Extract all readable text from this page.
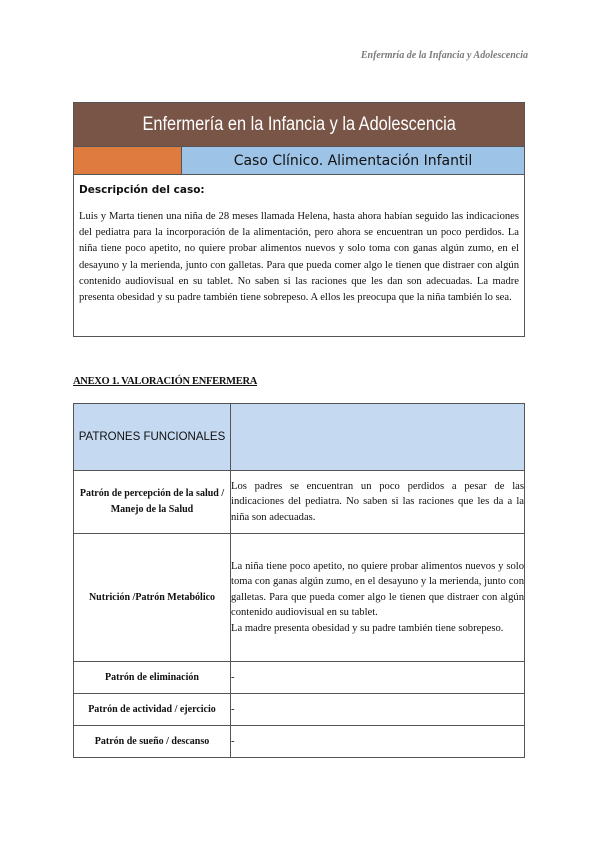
Enfermría de la Infancia y Adolescencia
Enfermería en la Infancia y la Adolescencia
Caso Clínico. Alimentación Infantil
Descripción del caso:
Luis y Marta tienen una niña de 28 meses llamada Helena, hasta ahora habían seguido las indicaciones del pediatra para la incorporación de la alimentación, pero ahora se encuentran un poco perdidos. La niña tiene poco apetito, no quiere probar alimentos nuevos y solo toma con ganas algún zumo, en el desayuno y la merienda, junto con galletas. Para que pueda comer algo le tienen que distraer con algún contenido audiovisual en su tablet. No saben si las raciones que les dan son adecuadas. La madre presenta obesidad y su padre también tiene sobrepeso. A ellos les preocupa que la niña también lo sea.
ANEXO 1. VALORACIÓN ENFERMERA
PATRONES FUNCIONALES	
Patrón de percepción de la salud / Manejo de la Salud	Los padres se encuentran un poco perdidos a pesar de las indicaciones del pediatra. No saben si las raciones que les da a la niña son adecuadas.

Nutrición /Patrón Metabólico	La niña tiene poco apetito, no quiere probar alimentos nuevos y solo toma con ganas algún zumo, en el desayuno y la merienda, junto con galletas. Para que pueda comer algo le tienen que distraer con algún contenido audiovisual en su tablet.

La madre presenta obesidad y su padre también tiene sobrepeso.

Patrón de eliminación	-
Patrón de actividad / ejercicio	-
Patrón de sueño / descanso	-
